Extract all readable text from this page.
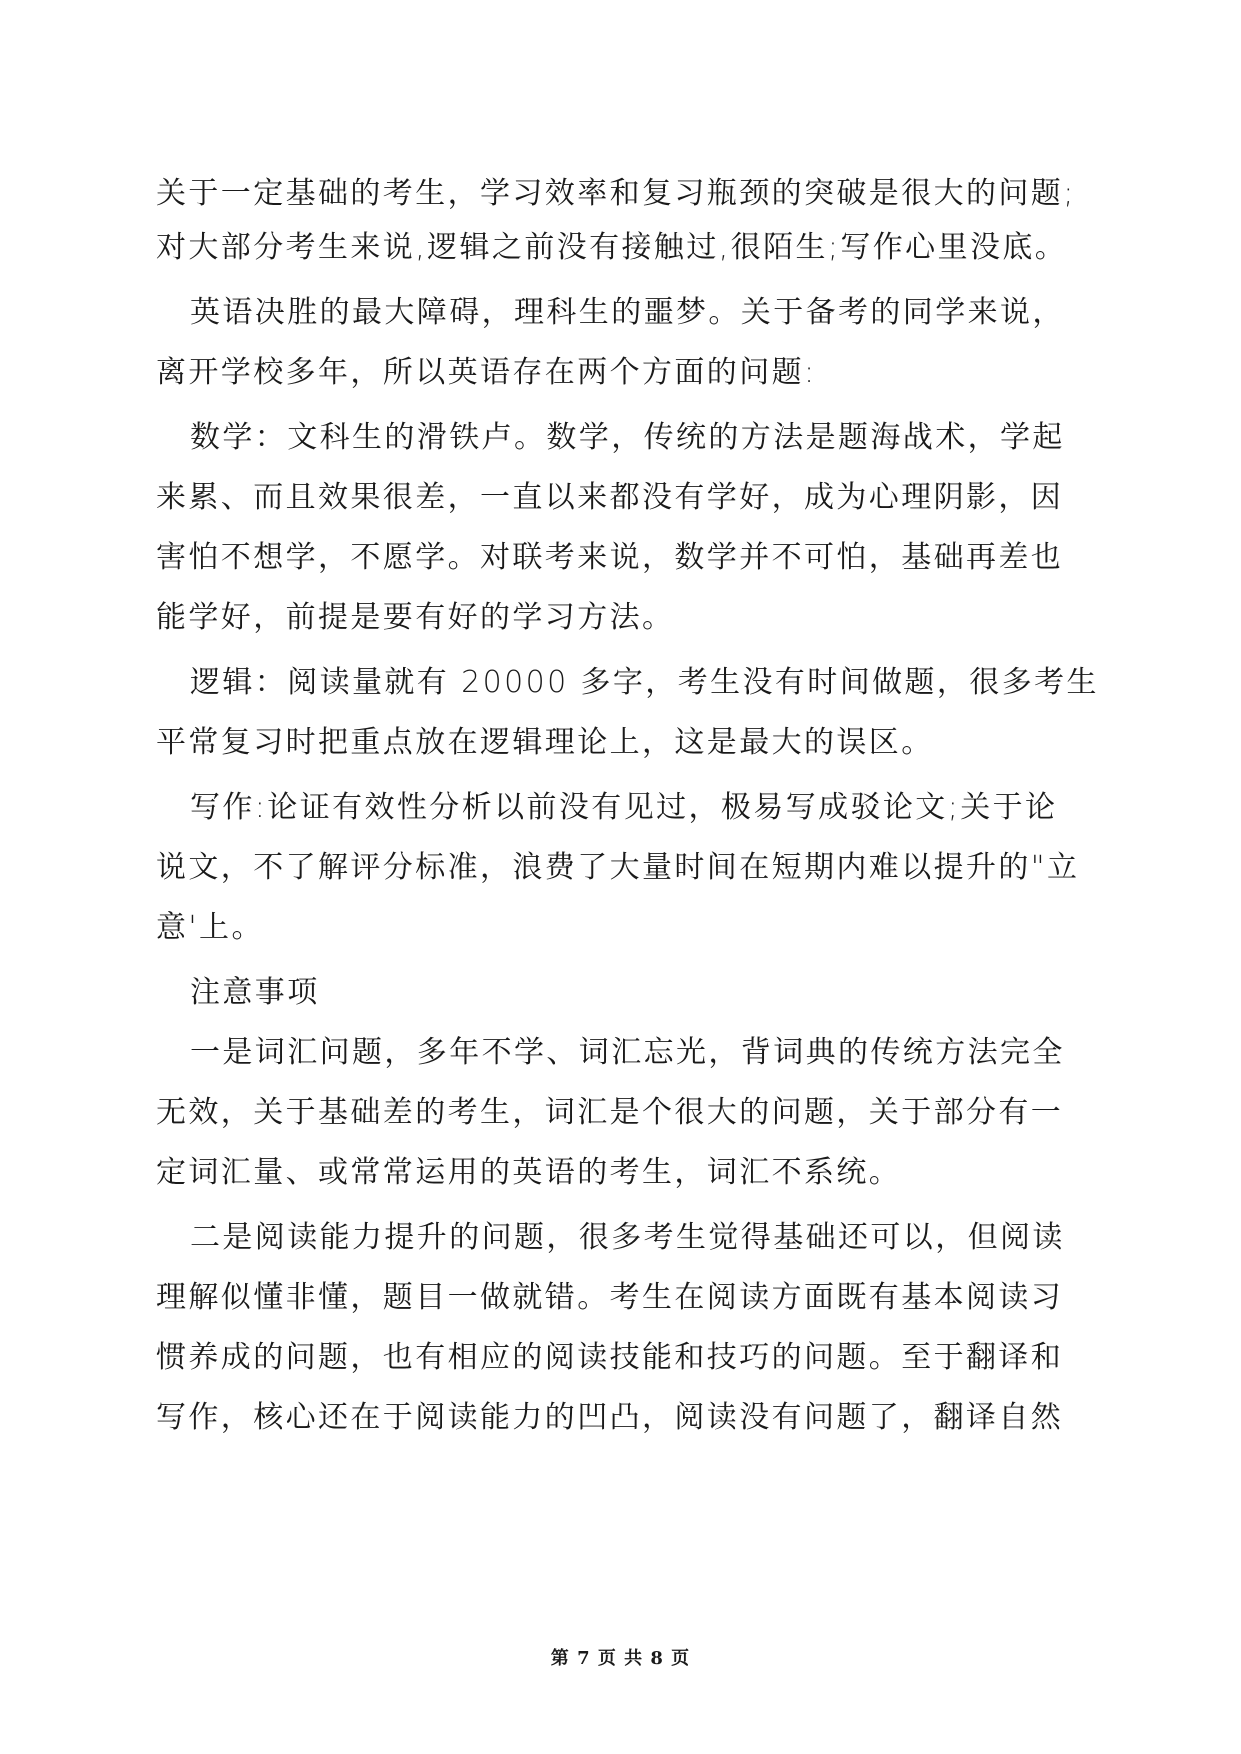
关于一定基础的考生，学习效率和复习瓶颈的突破是很大的问题;
对大部分考生来说,逻辑之前没有接触过,很陌生;写作心里没底。
英语决胜的最大障碍，理科生的噩梦。关于备考的同学来说，
离开学校多年，所以英语存在两个方面的问题:
数学：文科生的滑铁卢。数学，传统的方法是题海战术，学起
来累、而且效果很差，一直以来都没有学好，成为心理阴影，因
害怕不想学，不愿学。对联考来说，数学并不可怕，基础再差也
能学好，前提是要有好的学习方法。
逻辑：阅读量就有 20000 多字，考生没有时间做题，很多考生
平常复习时把重点放在逻辑理论上，这是最大的误区。
写作:论证有效性分析以前没有见过，极易写成驳论文;关于论
说文，不了解评分标准，浪费了大量时间在短期内难以提升的"立
意'上。
注意事项
一是词汇问题，多年不学、词汇忘光，背词典的传统方法完全
无效，关于基础差的考生，词汇是个很大的问题，关于部分有一
定词汇量、或常常运用的英语的考生，词汇不系统。
二是阅读能力提升的问题，很多考生觉得基础还可以，但阅读
理解似懂非懂，题目一做就错。考生在阅读方面既有基本阅读习
惯养成的问题，也有相应的阅读技能和技巧的问题。至于翻译和
写作，核心还在于阅读能力的凹凸，阅读没有问题了，翻译自然
第 7 页 共 8 页
